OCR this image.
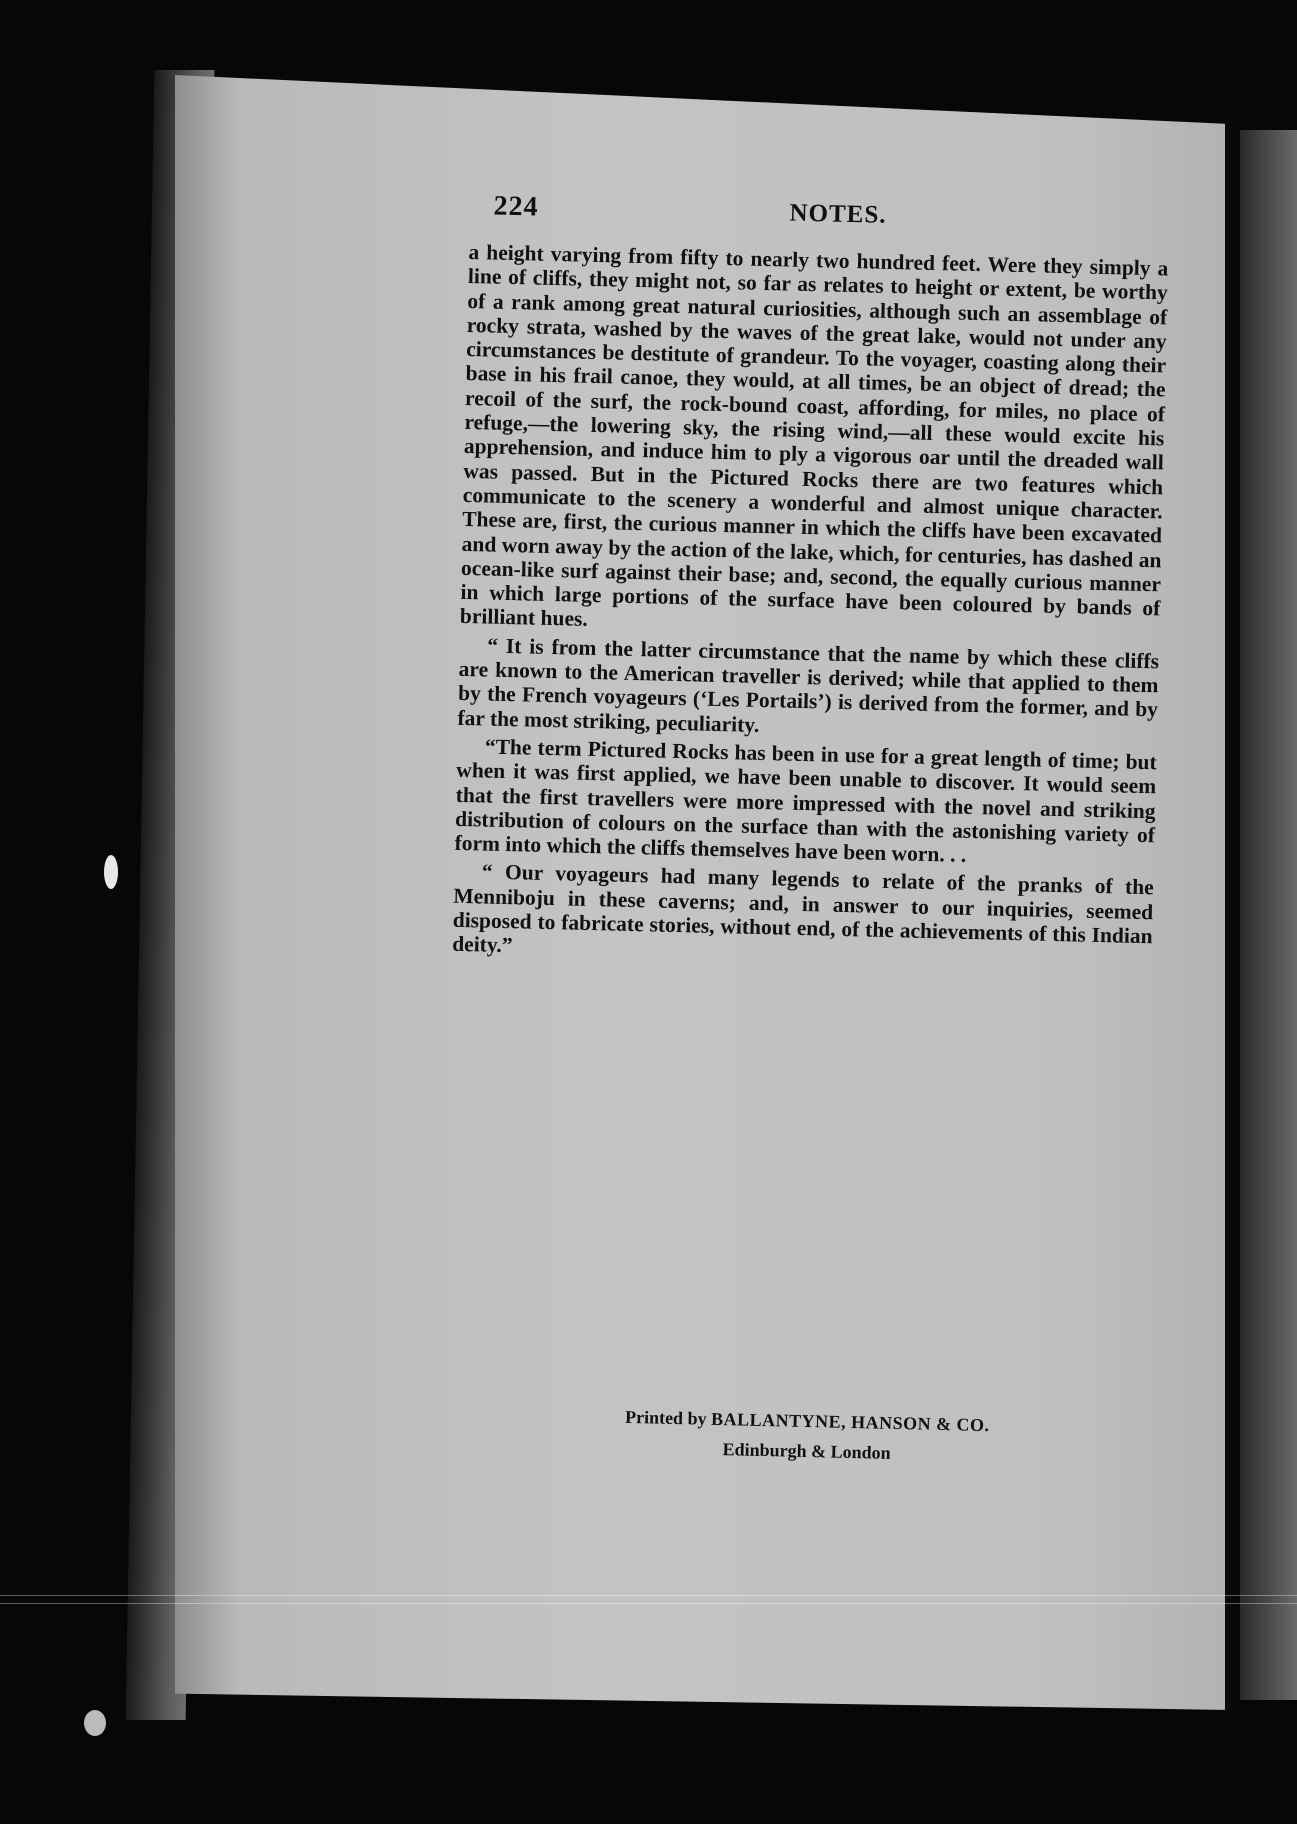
224	NOTES.

a height varying from fifty to nearly two hundred feet. Were they simply a line of cliffs, they might not, so far as relates to height or extent, be worthy of a rank among great natural curiosities, although such an assemblage of rocky strata, washed by the waves of the great lake, would not under any circumstances be destitute of grandeur. To the voyager, coasting along their base in his frail canoe, they would, at all times, be an object of dread; the recoil of the surf, the rock-bound coast, affording, for miles, no place of refuge,—the lowering sky, the rising wind,—all these would excite his apprehension, and induce him to ply a vigorous oar until the dreaded wall was passed. But in the Pictured Rocks there are two features which communicate to the scenery a wonderful and almost unique character. These are, first, the curious manner in which the cliffs have been excavated and worn away by the action of the lake, which, for centuries, has dashed an ocean-like surf against their base; and, second, the equally curious manner in which large portions of the surface have been coloured by bands of brilliant hues.

“ It is from the latter circumstance that the name by which these cliffs are known to the American traveller is derived; while that applied to them by the French voyageurs (‘Les Portails’) is derived from the former, and by far the most striking, peculiarity.

“The term Pictured Rocks has been in use for a great length of time; but when it was first applied, we have been unable to discover. It would seem that the first travellers were more impressed with the novel and striking distribution of colours on the surface than with the astonishing variety of form into which the cliffs themselves have been worn. . .

“ Our voyageurs had many legends to relate of the pranks of the Menniboju in these caverns; and, in answer to our inquiries, seemed disposed to fabricate stories, without end, of the achievements of this Indian deity.”

Printed by BALLANTYNE, HANSON & CO.
Edinburgh & London
